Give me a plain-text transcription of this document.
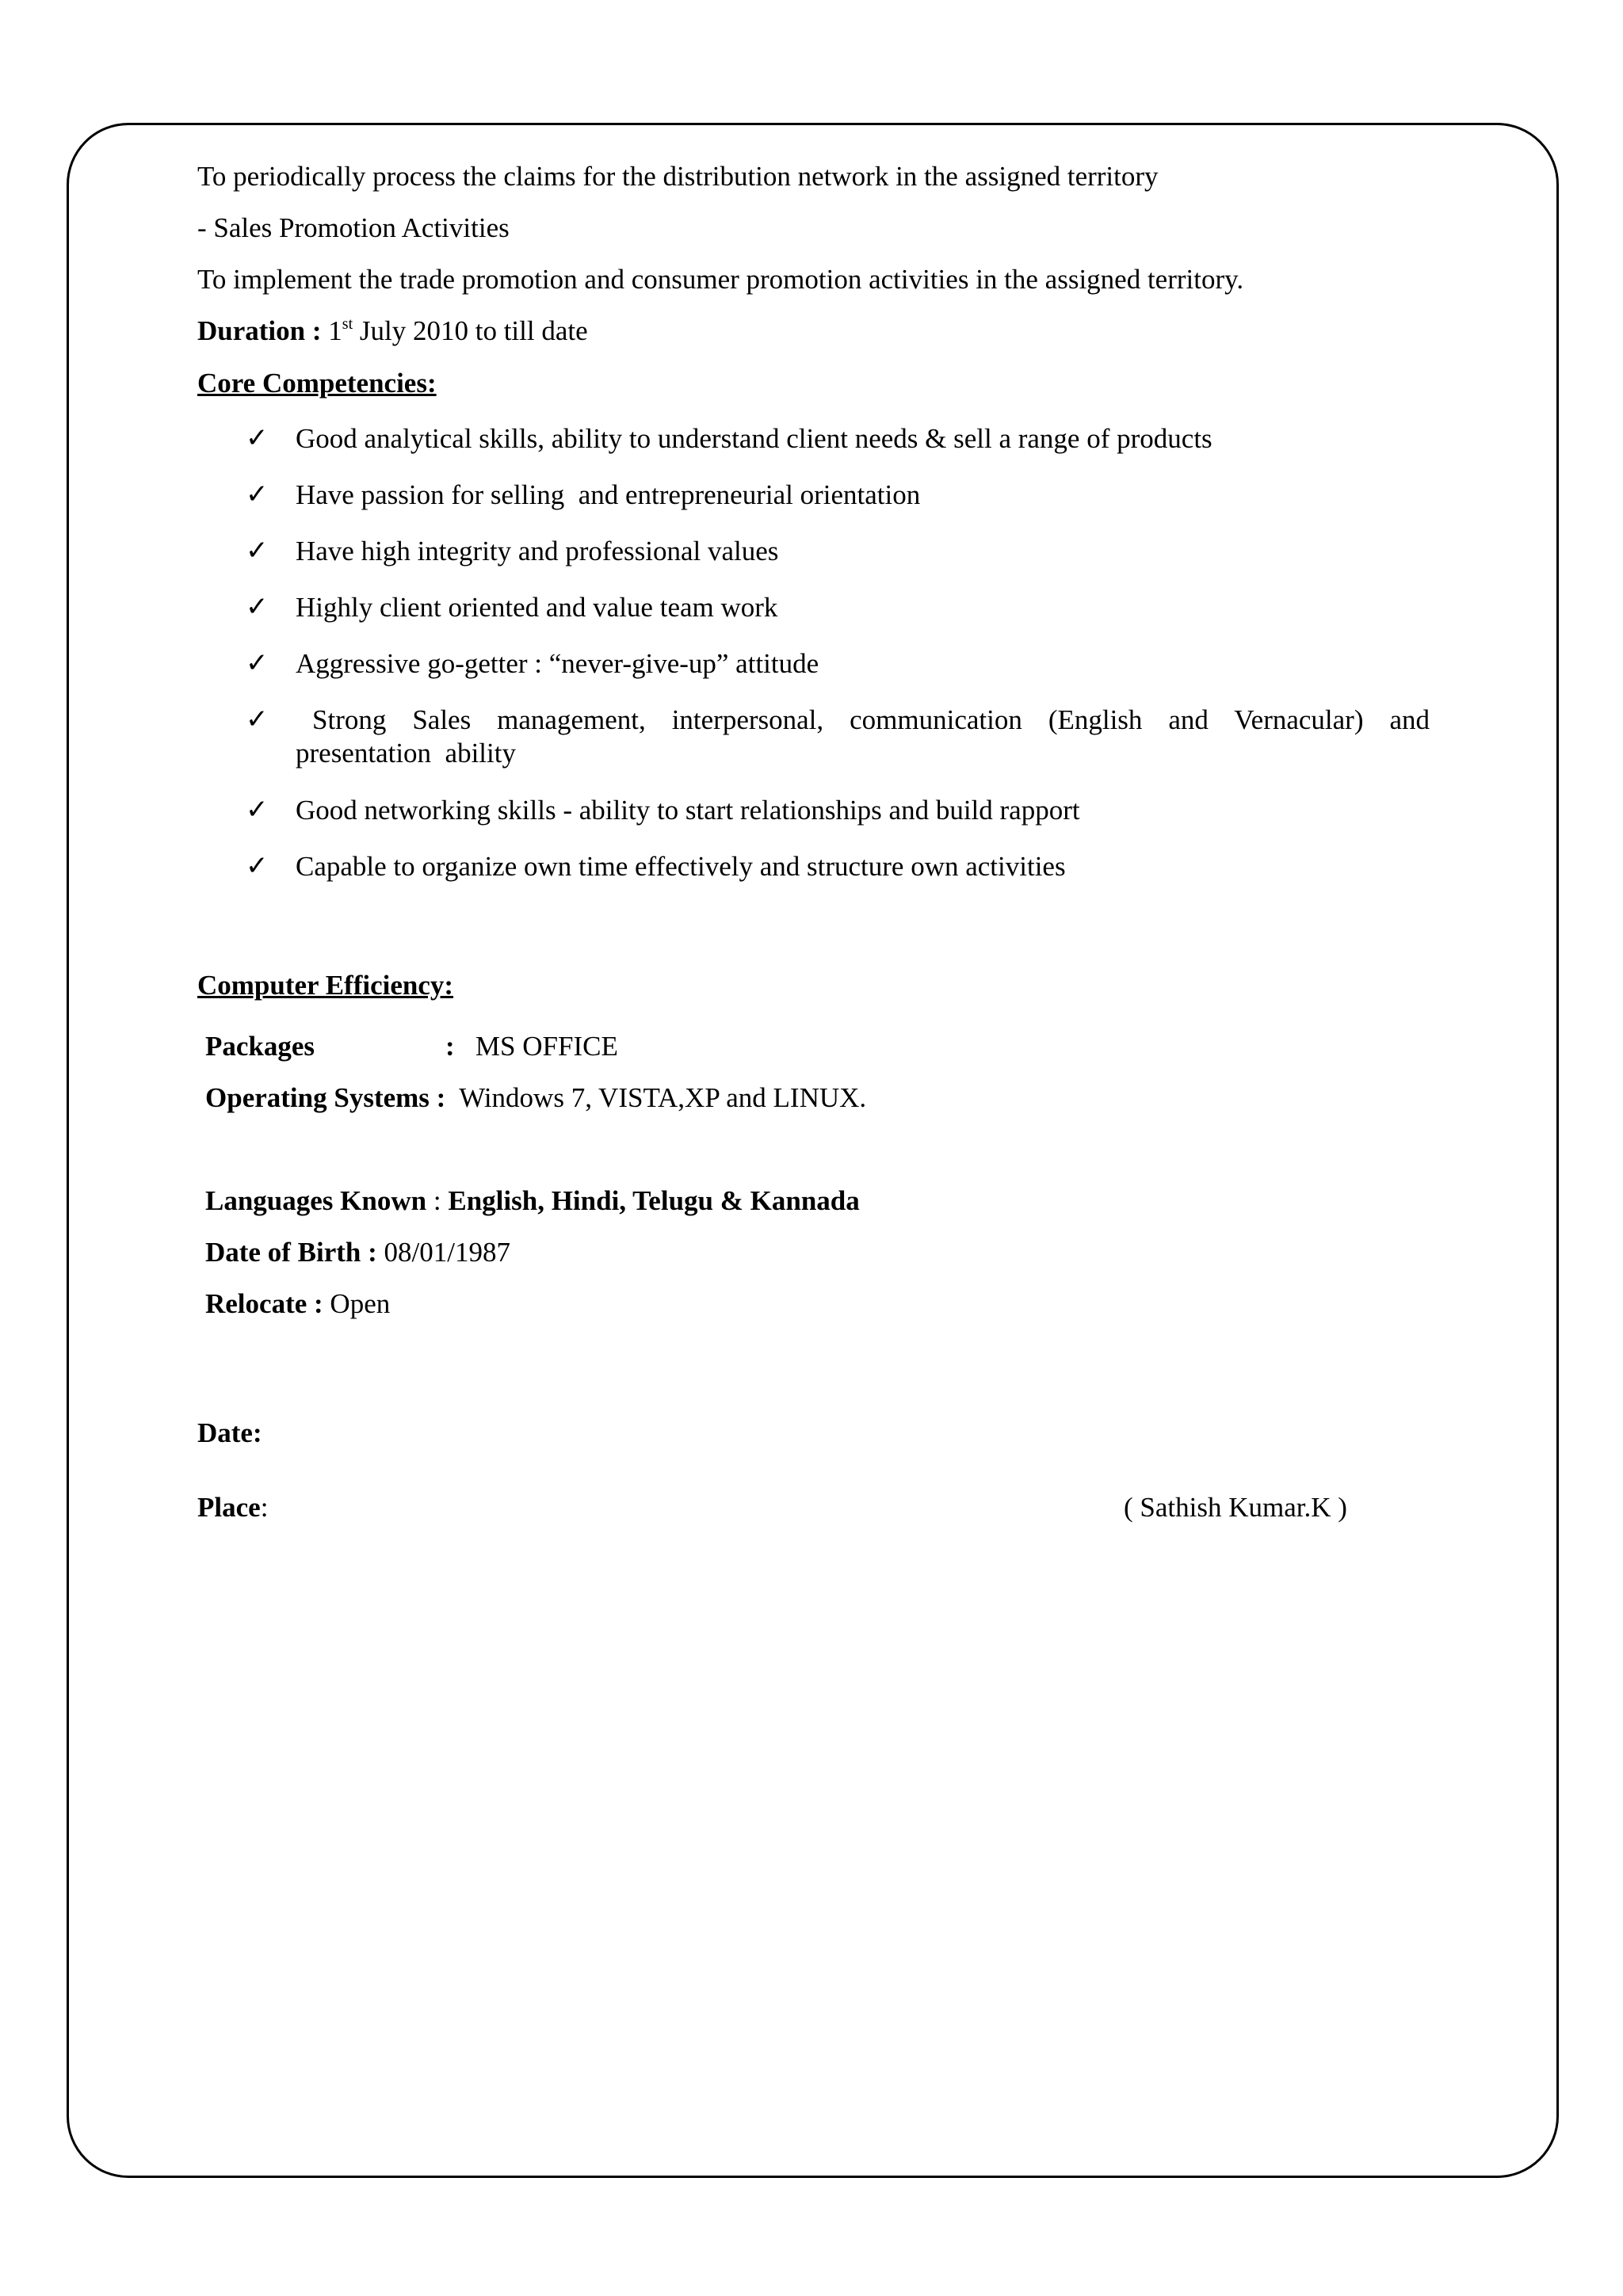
To periodically process the claims for the distribution network in the assigned territory
- Sales Promotion Activities
To implement the trade promotion and consumer promotion activities in the assigned territory.
Duration : 1st July 2010 to till date
Core Competencies:
✓ Good analytical skills, ability to understand client needs & sell a range of products
✓ Have passion for selling  and entrepreneurial orientation
✓ Have high integrity and professional values
✓ Highly client oriented and value team work
✓ Aggressive go-getter : “never-give-up” attitude
✓	Strong Sales management, interpersonal, communication (English and Vernacular) and
presentation  ability
✓ Good networking skills - ability to start relationships and build rapport
✓ Capable to organize own time effectively and structure own activities
Computer Efficiency:
Packages	: MS OFFICE
Operating Systems : Windows 7, VISTA,XP and LINUX.
Languages Known : English, Hindi, Telugu & Kannada
Date of Birth : 08/01/1987
Relocate : Open
Date:
Place:	( Sathish Kumar.K )
